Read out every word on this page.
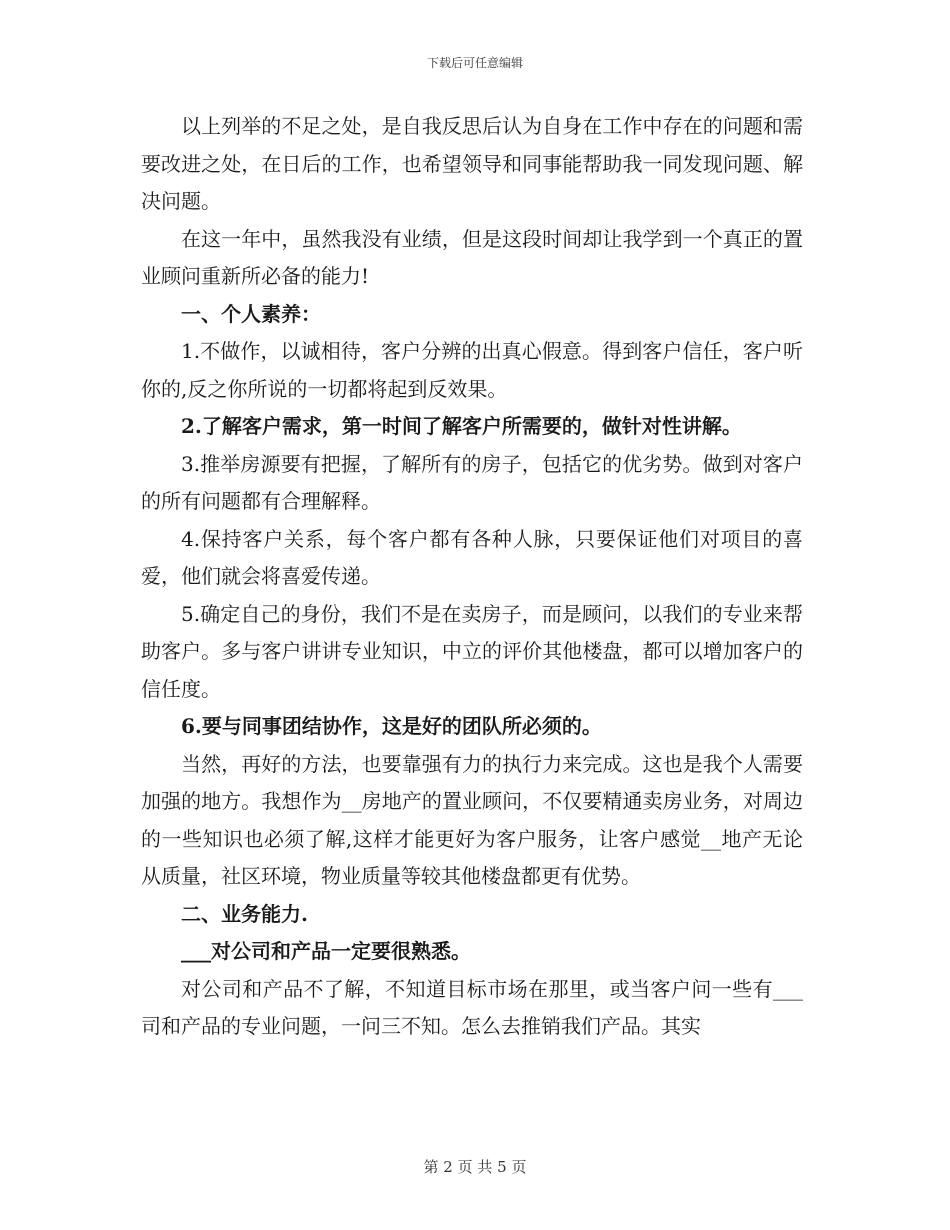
下载后可任意编辑

以上列举的不足之处，是自我反思后认为自身在工作中存在的问题和需要改进之处，在日后的工作，也希望领导和同事能帮助我一同发现问题、解决问题。

在这一年中，虽然我没有业绩，但是这段时间却让我学到一个真正的置业顾问重新所必备的能力!

一、个人素养：

1.不做作，以诚相待，客户分辨的出真心假意。得到客户信任，客户听你的,反之你所说的一切都将起到反效果。

2.了解客户需求，第一时间了解客户所需要的，做针对性讲解。

3.推举房源要有把握，了解所有的房子，包括它的优劣势。做到对客户的所有问题都有合理解释。

4.保持客户关系，每个客户都有各种人脉，只要保证他们对项目的喜爱，他们就会将喜爱传递。

5.确定自己的身份，我们不是在卖房子，而是顾问，以我们的专业来帮助客户。多与客户讲讲专业知识，中立的评价其他楼盘，都可以增加客户的信任度。

6.要与同事团结协作，这是好的团队所必须的。

当然，再好的方法，也要靠强有力的执行力来完成。这也是我个人需要加强的地方。我想作为__房地产的置业顾问，不仅要精通卖房业务，对周边的一些知识也必须了解,这样才能更好为客户服务，让客户感觉__地产无论从质量，社区环境，物业质量等较其他楼盘都更有优势。

二、业务能力.

___对公司和产品一定要很熟悉。

对公司和产品不了解，不知道目标市场在那里，或当客户问一些有___司和产品的专业问题，一问三不知。怎么去推销我们产品。其实

第 2 页 共 5 页
